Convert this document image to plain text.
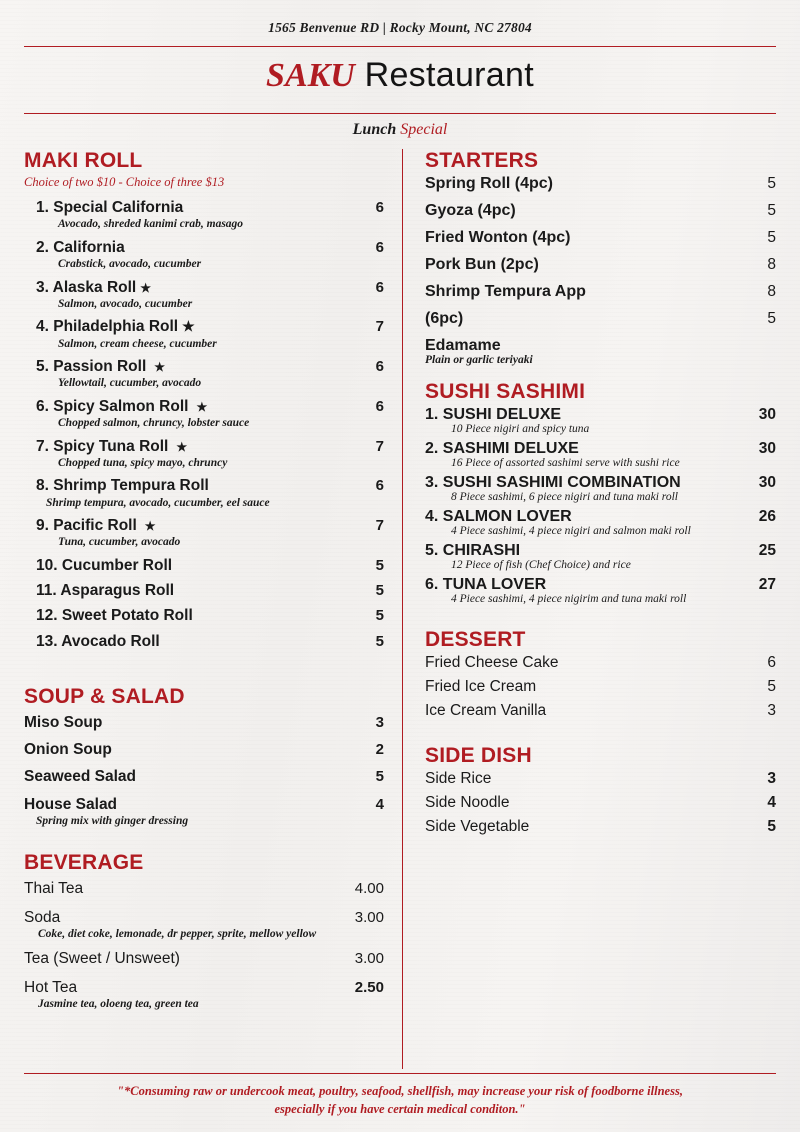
1565 Benvenue RD | Rocky Mount, NC 27804
SAKU Restaurant
Lunch Special
MAKI ROLL
Choice of two $10 - Choice of three $13
1. Special California	6
Avocado, shreded kanimi crab, masago
2. California	6
Crabstick, avocado, cucumber
3. Alaska Roll ★	6
Salmon, avocado, cucumber
4. Philadelphia Roll ★	7
Salmon, cream cheese, cucumber
5. Passion Roll ★	6
Yellowtail, cucumber, avocado
6. Spicy Salmon Roll ★	6
Chopped salmon, chruncy, lobster sauce
7. Spicy Tuna Roll ★	7
Chopped tuna, spicy mayo, chruncy
8. Shrimp Tempura Roll	6
Shrimp tempura, avocado, cucumber, eel sauce
9. Pacific Roll ★	7
Tuna, cucumber, avocado
10. Cucumber Roll	5
11. Asparagus Roll	5
12. Sweet Potato Roll	5
13. Avocado Roll	5
SOUP & SALAD
Miso Soup	3
Onion Soup	2
Seaweed Salad	5
House Salad	4
Spring mix with ginger dressing
BEVERAGE
Thai Tea	4.00
Soda	3.00
Coke, diet coke, lemonade, dr pepper, sprite, mellow yellow
Tea (Sweet / Unsweet)	3.00
Hot Tea	2.50
Jasmine tea, oloeng tea, green tea
STARTERS
Spring Roll (4pc)	5
Gyoza (4pc)	5
Fried Wonton (4pc)	5
Pork Bun (2pc)	8
Shrimp Tempura App	8
(6pc)	5
Edamame
Plain or garlic teriyaki
SUSHI SASHIMI
1. SUSHI DELUXE	30
10 Piece nigiri and spicy tuna
2. SASHIMI DELUXE	30
16 Piece of assorted sashimi serve with sushi rice
3. SUSHI SASHIMI COMBINATION	30
8 Piece sashimi, 6 piece nigiri and tuna maki roll
4. SALMON LOVER	26
4 Piece sashimi, 4 piece nigiri and salmon maki roll
5. CHIRASHI	25
12 Piece of fish (Chef Choice) and rice
6. TUNA LOVER	27
4 Piece sashimi, 4 piece nigirim and tuna maki roll
DESSERT
Fried Cheese Cake	6
Fried Ice Cream	5
Ice Cream Vanilla	3
SIDE DISH
Side Rice	3
Side Noodle	4
Side Vegetable	5

"*Consuming raw or undercook meat, poultry, seafood, shellfish, may increase your risk of foodborne illness,

especially if you have certain medical conditon."
